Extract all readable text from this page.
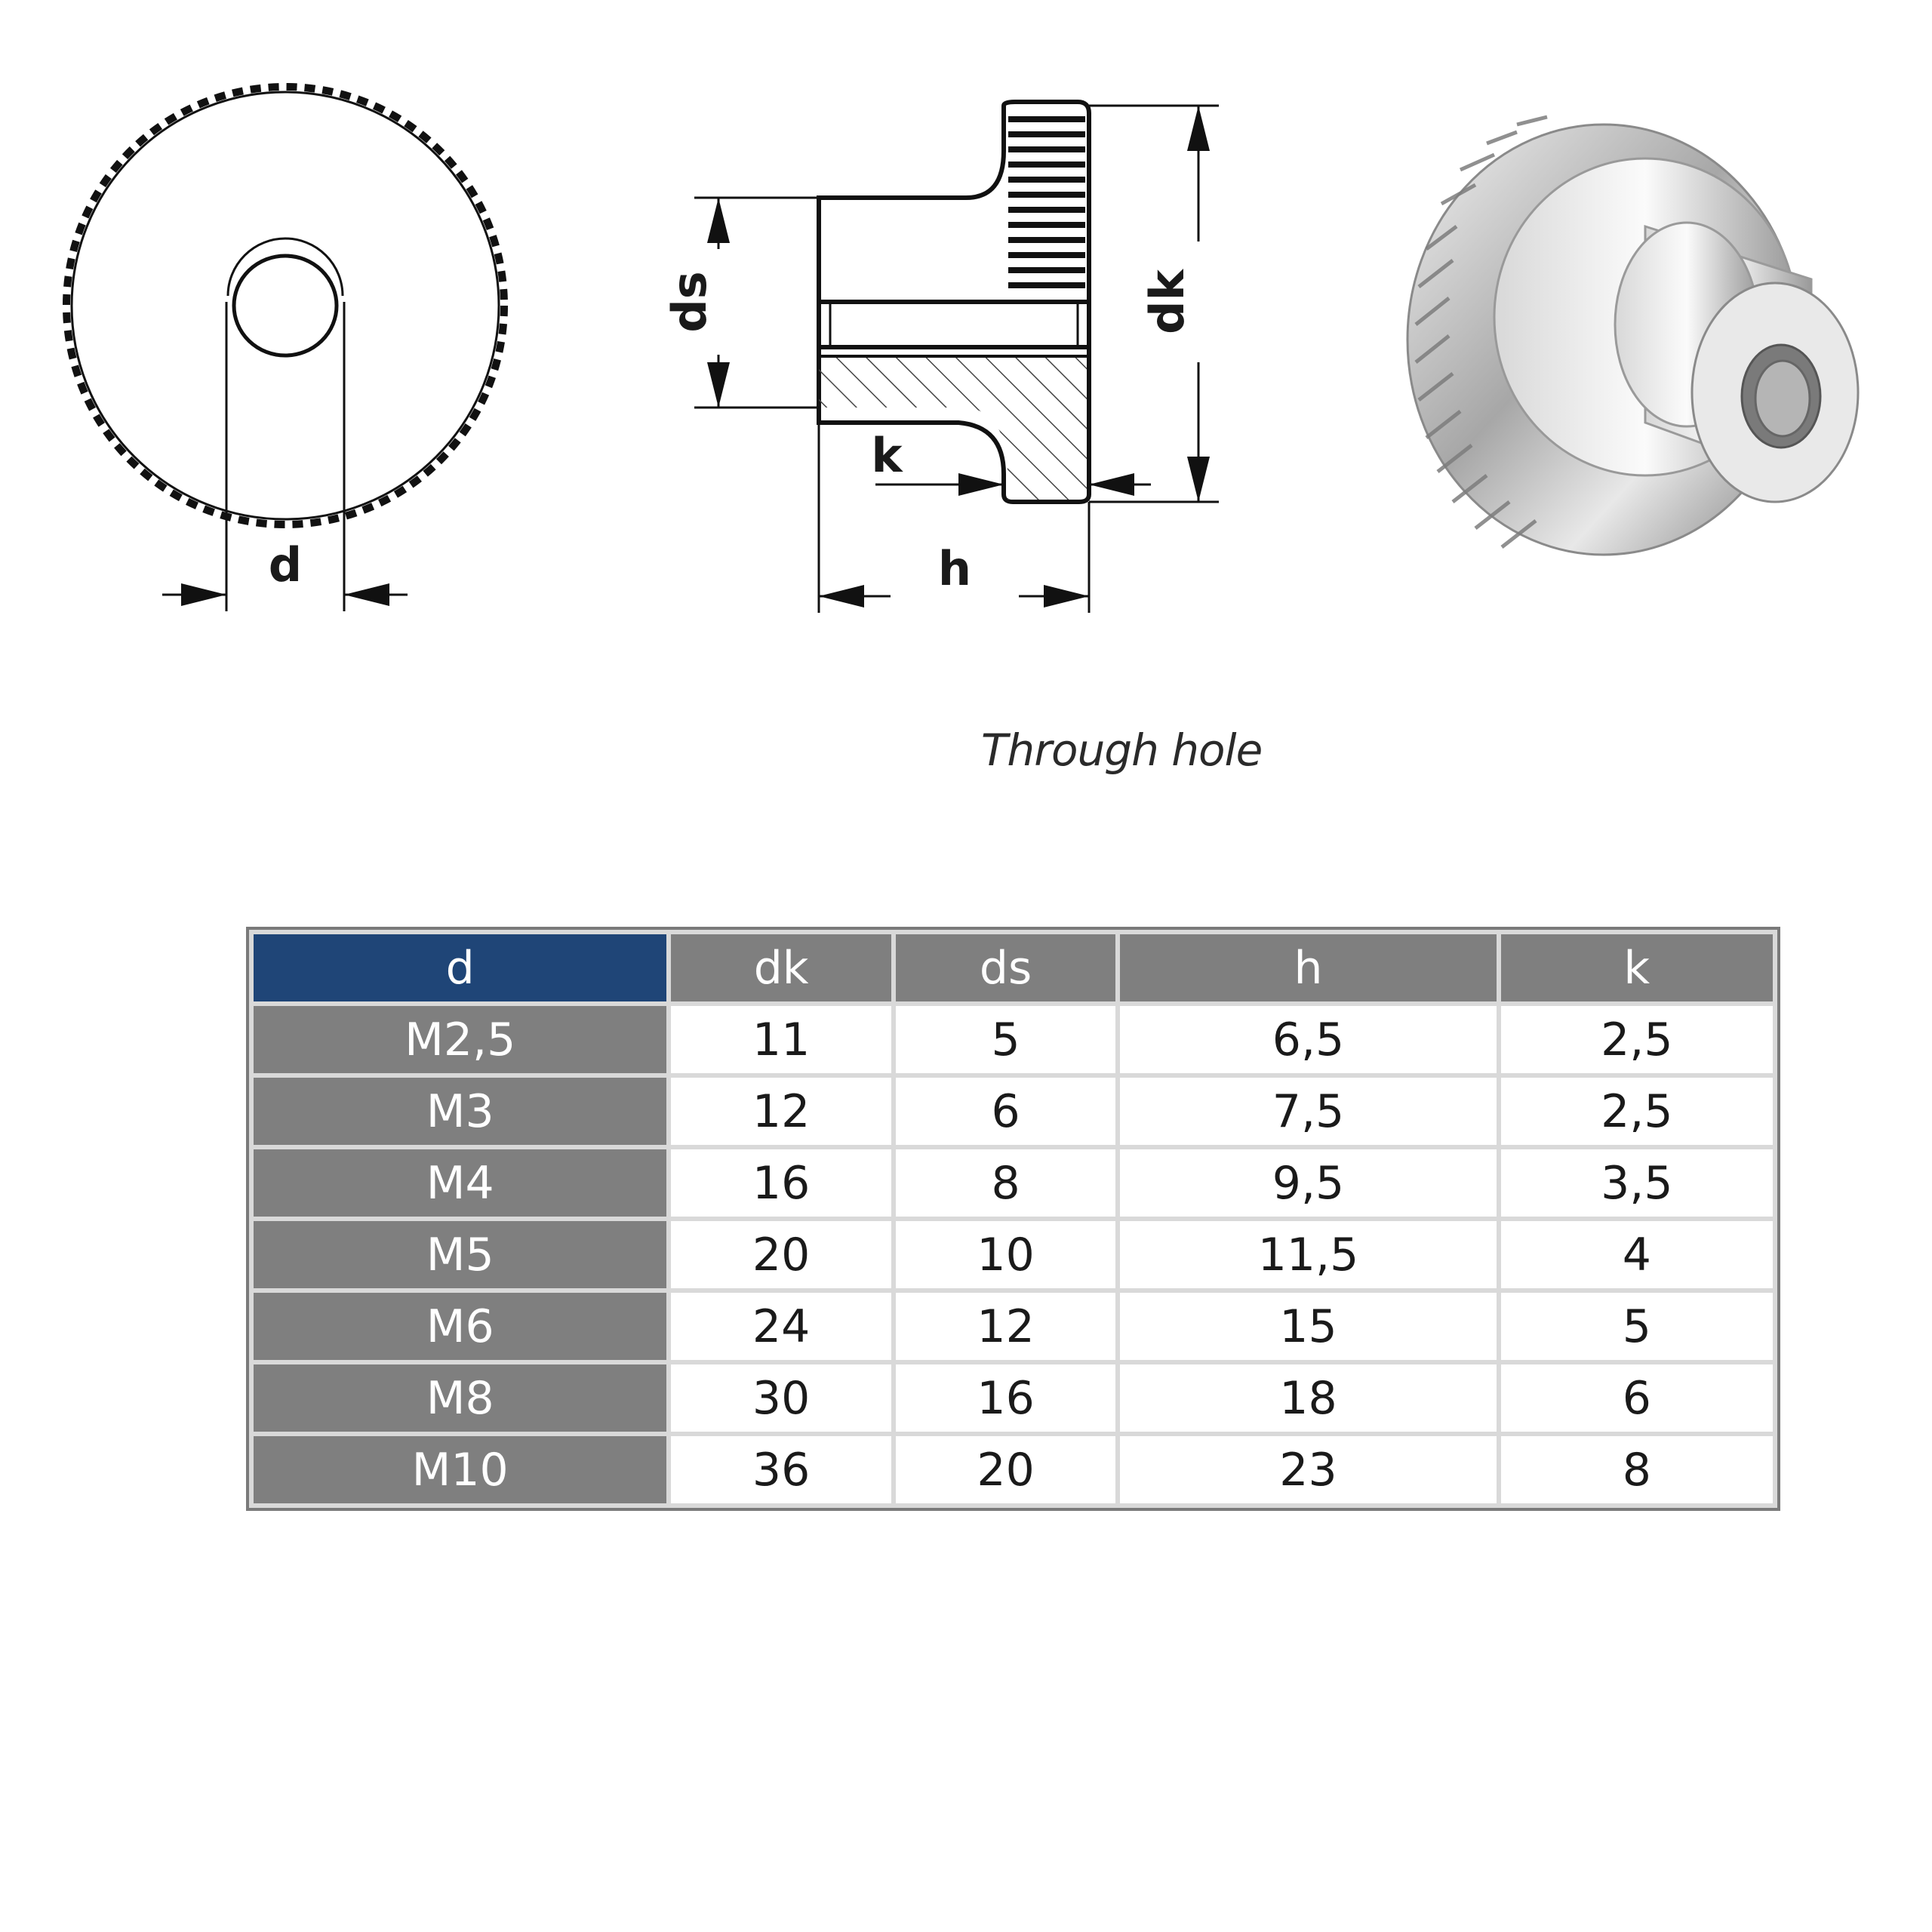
d
ds	dk
k
h
Through hole
d	dk	ds	h	k
M2,5	11	5	6,5	2,5
M3	12	6	7,5	2,5
M4	16	8	9,5	3,5
M5	20	10	11,5	4
M6	24	12	15	5
M8	30	16	18	6
M10	36	20	23	8
